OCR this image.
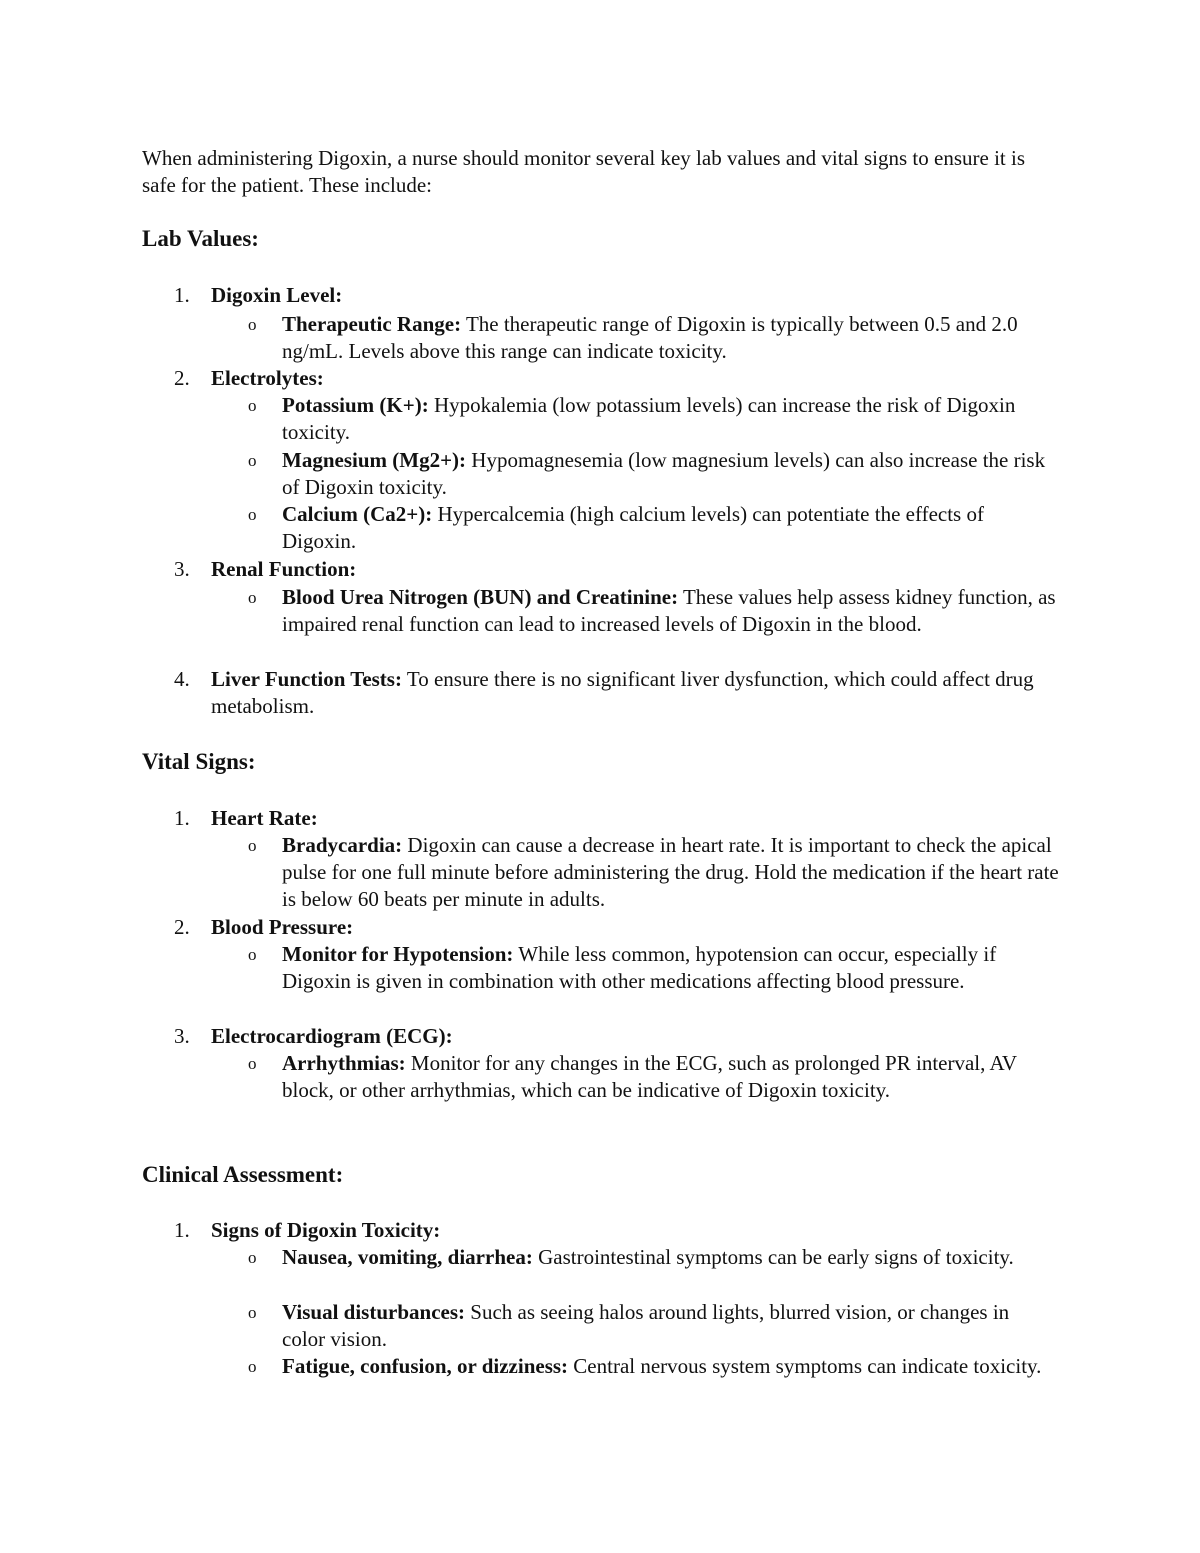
When administering Digoxin, a nurse should monitor several key lab values and vital signs to ensure it is safe for the patient. These include:
Lab Values:
1. Digoxin Level:
o Therapeutic Range: The therapeutic range of Digoxin is typically between 0.5 and 2.0 ng/mL. Levels above this range can indicate toxicity.
2. Electrolytes:
o Potassium (K+): Hypokalemia (low potassium levels) can increase the risk of Digoxin toxicity.
o Magnesium (Mg2+): Hypomagnesemia (low magnesium levels) can also increase the risk of Digoxin toxicity.
o Calcium (Ca2+): Hypercalcemia (high calcium levels) can potentiate the effects of Digoxin.
3. Renal Function:
o Blood Urea Nitrogen (BUN) and Creatinine: These values help assess kidney function, as impaired renal function can lead to increased levels of Digoxin in the blood.
4. Liver Function Tests: To ensure there is no significant liver dysfunction, which could affect drug metabolism.
Vital Signs:
1. Heart Rate:
o Bradycardia: Digoxin can cause a decrease in heart rate. It is important to check the apical pulse for one full minute before administering the drug. Hold the medication if the heart rate is below 60 beats per minute in adults.
2. Blood Pressure:
o Monitor for Hypotension: While less common, hypotension can occur, especially if Digoxin is given in combination with other medications affecting blood pressure.
3. Electrocardiogram (ECG):
o Arrhythmias: Monitor for any changes in the ECG, such as prolonged PR interval, AV block, or other arrhythmias, which can be indicative of Digoxin toxicity.
Clinical Assessment:
1. Signs of Digoxin Toxicity:
o Nausea, vomiting, diarrhea: Gastrointestinal symptoms can be early signs of toxicity.
o Visual disturbances: Such as seeing halos around lights, blurred vision, or changes in color vision.
o Fatigue, confusion, or dizziness: Central nervous system symptoms can indicate toxicity.
